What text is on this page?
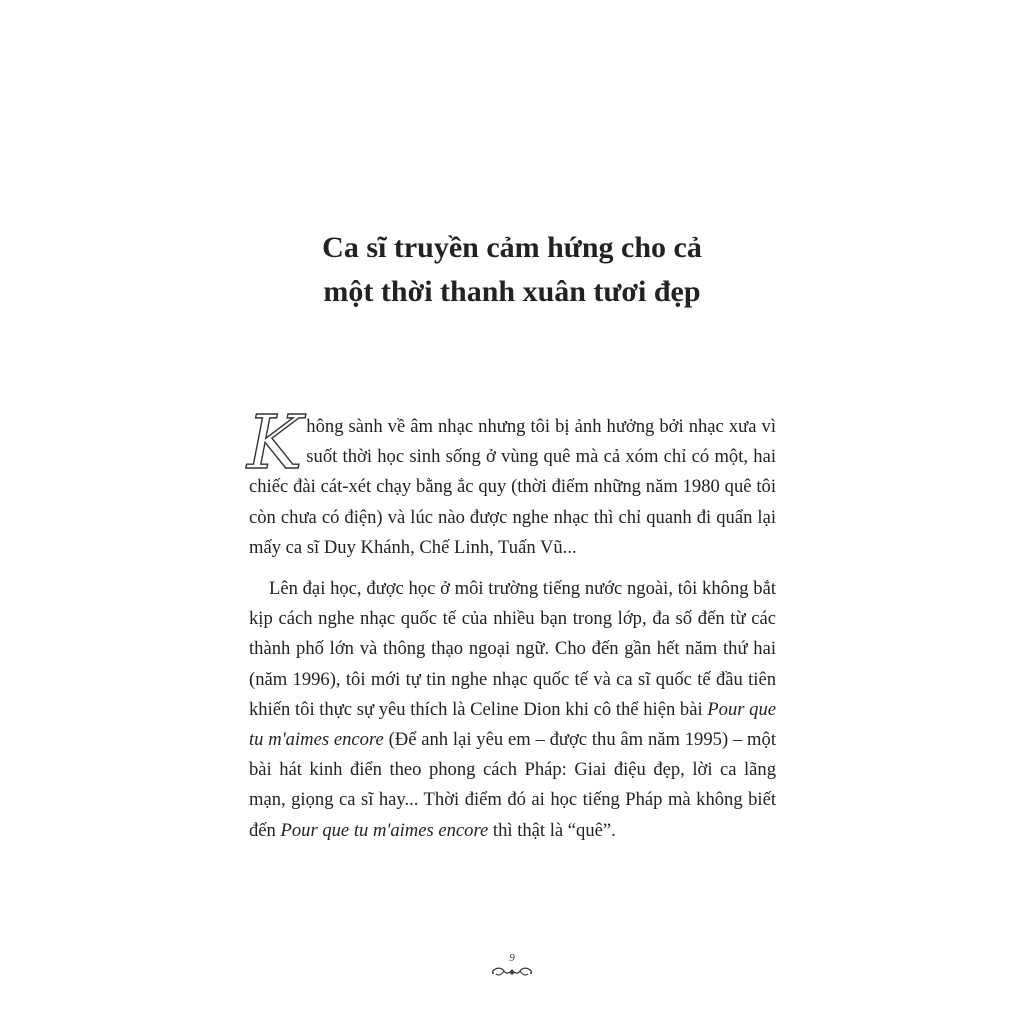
Ca sĩ truyền cảm hứng cho cả
một thời thanh xuân tươi đẹp

Không sành về âm nhạc nhưng tôi bị ảnh hưởng bởi nhạc xưa vì suốt thời học sinh sống ở vùng quê mà cả xóm chỉ có một, hai chiếc đài cát-xét chạy bằng ắc quy (thời điểm những năm 1980 quê tôi còn chưa có điện) và lúc nào được nghe nhạc thì chỉ quanh đi quẩn lại mấy ca sĩ Duy Khánh, Chế Linh, Tuấn Vũ...

Lên đại học, được học ở môi trường tiếng nước ngoài, tôi không bắt kịp cách nghe nhạc quốc tế của nhiều bạn trong lớp, đa số đến từ các thành phố lớn và thông thạo ngoại ngữ. Cho đến gần hết năm thứ hai (năm 1996), tôi mới tự tin nghe nhạc quốc tế và ca sĩ quốc tế đầu tiên khiến tôi thực sự yêu thích là Celine Dion khi cô thể hiện bài Pour que tu m'aimes encore (Để anh lại yêu em – được thu âm năm 1995) – một bài hát kinh điển theo phong cách Pháp: Giai điệu đẹp, lời ca lãng mạn, giọng ca sĩ hay... Thời điểm đó ai học tiếng Pháp mà không biết đến Pour que tu m'aimes encore thì thật là “quê”.

9
